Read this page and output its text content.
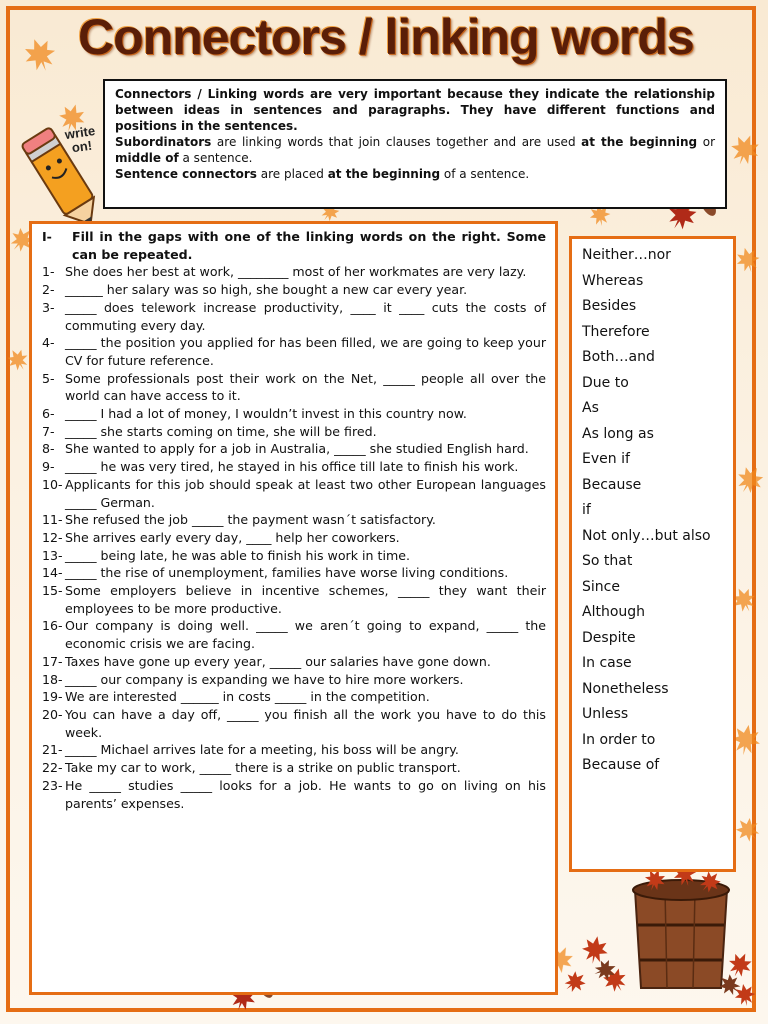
Connectors / linking words
write on!

Connectors / Linking words are very important because they indicate the relationship between ideas in sentences and paragraphs. They have different functions and positions in the sentences.

Subordinators are linking words that join clauses together and are used at the beginning or middle of a sentence.

Sentence connectors are placed at the beginning of a sentence.

I-	Fill in the gaps with one of the linking words on the right. Some can be repeated.
1- She does her best at work, ________ most of her workmates are very lazy.
2- ______ her salary was so high, she bought a new car every year.
3- _____ does telework increase productivity, ____ it ____ cuts the costs of commuting every day.
4- _____ the position you applied for has been filled, we are going to keep your CV for future reference.
5- Some professionals post their work on the Net, _____ people all over the world can have access to it.
6- _____ I had a lot of money, I wouldn’t invest in this country now.
7- _____ she starts coming on time, she will be fired.
8- She wanted to apply for a job in Australia, _____ she studied English hard.
9- _____ he was very tired, he stayed in his office till late to finish his work.
10- Applicants for this job should speak at least two other European languages _____ German.
11- She refused the job _____ the payment wasn´t satisfactory.
12- She arrives early every day, ____ help her coworkers.
13- _____ being late, he was able to finish his work in time.
14- _____ the rise of unemployment, families have worse living conditions.
15- Some employers believe in incentive schemes, _____ they want their employees to be more productive.
16- Our company is doing well. _____ we aren´t going to expand, _____ the economic crisis we are facing.
17- Taxes have gone up every year, _____ our salaries have gone down.
18- _____ our company is expanding we have to hire more workers.
19- We are interested ______ in costs _____ in the competition.
20- You can have a day off, _____ you finish all the work you have to do this week.
21- _____ Michael arrives late for a meeting, his boss will be angry.
22- Take my car to work, _____ there is a strike on public transport.
23- He _____ studies _____ looks for a job. He wants to go on living on his parents’ expenses.
Neither…nor
Whereas
Besides
Therefore
Both…and
Due to
As
As long as
Even if
Because
if
Not only…but also
So that
Since
Although
Despite
In case
Nonetheless
Unless
In order to
Because of
